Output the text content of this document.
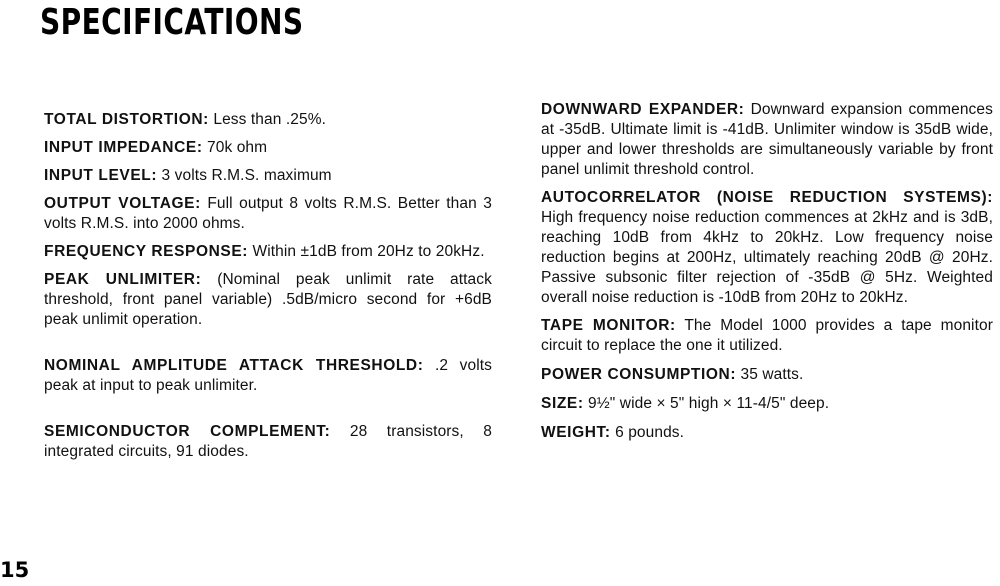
SPECIFICATIONS

TOTAL DISTORTION: Less than .25%.

INPUT IMPEDANCE: 70k ohm

INPUT LEVEL: 3 volts R.M.S. maximum

OUTPUT VOLTAGE: Full output 8 volts R.M.S. Better than 3 volts R.M.S. into 2000 ohms.

FREQUENCY RESPONSE: Within ±1dB from 20Hz to 20kHz.

PEAK UNLIMITER: (Nominal peak unlimit rate attack threshold, front panel variable) .5dB/micro second for +6dB peak unlimit operation.

NOMINAL AMPLITUDE ATTACK THRESHOLD: .2 volts peak at input to peak unlimiter.

SEMICONDUCTOR COMPLEMENT: 28 transistors, 8 integrated circuits, 91 diodes.

DOWNWARD EXPANDER: Downward expansion commences at -35dB. Ultimate limit is -41dB. Unlimiter window is 35dB wide, upper and lower thresholds are simultaneously variable by front panel unlimit threshold control.

AUTOCORRELATOR (NOISE REDUCTION SYSTEMS): High frequency noise reduction commences at 2kHz and is 3dB, reaching 10dB from 4kHz to 20kHz. Low frequency noise reduction begins at 200Hz, ultimately reaching 20dB @ 20Hz. Passive subsonic filter rejection of -35dB @ 5Hz. Weighted overall noise reduction is -10dB from 20Hz to 20kHz.

TAPE MONITOR: The Model 1000 provides a tape monitor circuit to replace the one it utilized.

POWER CONSUMPTION: 35 watts.

SIZE: 9½" wide × 5" high × 11-4/5" deep.

WEIGHT: 6 pounds.

15
